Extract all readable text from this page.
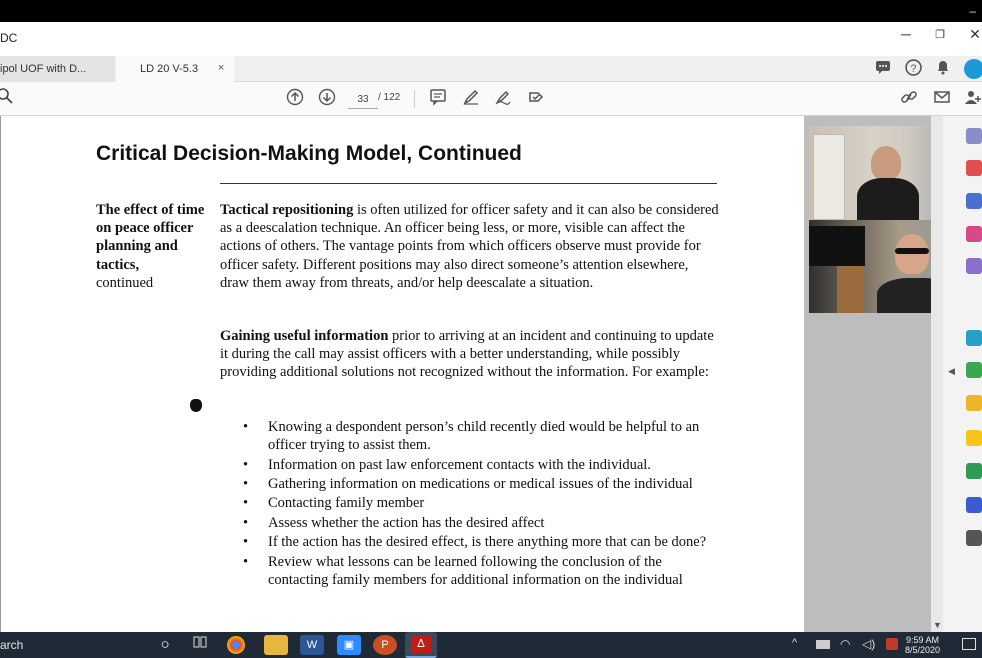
–
DC	─	❐	✕
ipol UOF with D...	LD 20 V-5.3	×	?
33 / 122
Critical Decision-Making Model, Continued
The effect of time on peace officer planning and tactics,
continued
Tactical repositioning is often utilized for officer safety and it can also be considered as a deescalation technique. An officer being less, or more, visible can affect the actions of others. The vantage points from which officers observe must provide for officer safety. Different positions may also direct someone’s attention elsewhere, draw them away from threats, and/or help deescalate a situation.
Gaining useful information prior to arriving at an incident and continuing to update it during the call may assist officers with a better understanding, while possibly providing additional solutions not recognized without the information. For example:
• Knowing a despondent person’s child recently died would be helpful to an officer trying to assist them.
• Information on past law enforcement contacts with the individual.
• Gathering information on medications or medical issues of the individual
• Contacting family member
• Assess whether the action has the desired affect
• If the action has the desired effect, is there anything more that can be done?
• Review what lessons can be learned following the conclusion of the contacting family members for additional information on the individual
◀
▼
arch	○	W	▣	P	ᐃ	^	◠ ◁)	9:59 AM
8/5/2020
